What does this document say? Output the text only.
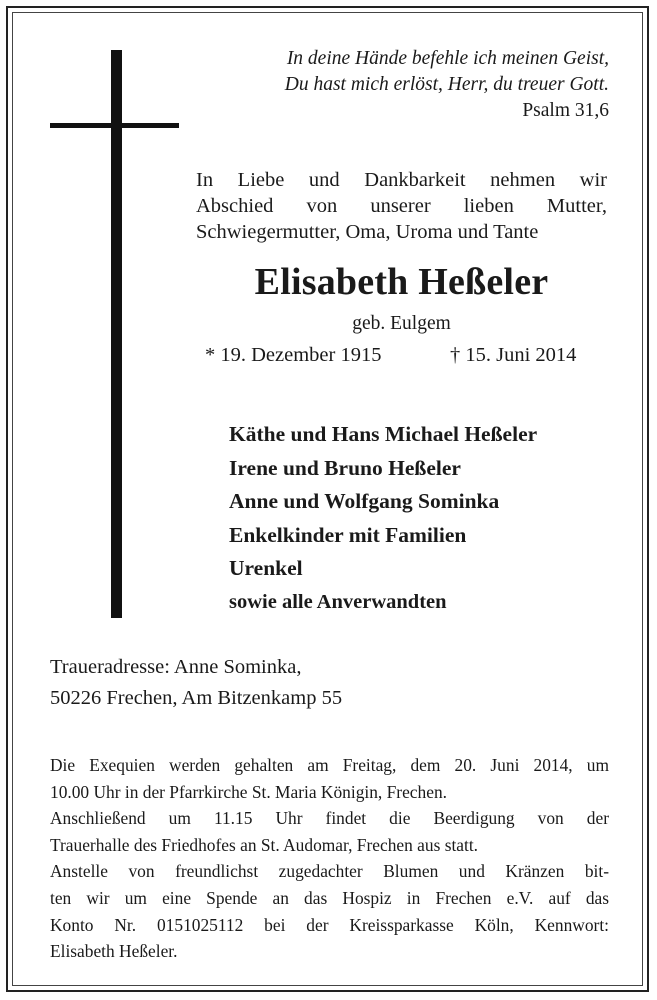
In deine Hände befehle ich meinen Geist,
Du hast mich erlöst, Herr, du treuer Gott.
Psalm 31,6
In Liebe und Dankbarkeit nehmen wir
Abschied von unserer lieben Mutter,
Schwiegermutter, Oma, Uroma und Tante
Elisabeth Heßeler
geb. Eulgem
* 19. Dezember 1915	† 15. Juni 2014
Käthe und Hans Michael Heßeler
Irene und Bruno Heßeler
Anne und Wolfgang Sominka
Enkelkinder mit Familien
Urenkel
sowie alle Anverwandten
Traueradresse: Anne Sominka,
50226 Frechen, Am Bitzenkamp 55
Die Exequien werden gehalten am Freitag, dem 20. Juni 2014, um
10.00 Uhr in der Pfarrkirche St. Maria Königin, Frechen.
Anschließend um 11.15 Uhr findet die Beerdigung von der
Trauerhalle des Friedhofes an St. Audomar, Frechen aus statt.
Anstelle von freundlichst zugedachter Blumen und Kränzen bit-
ten wir um eine Spende an das Hospiz in Frechen e.V. auf das
Konto Nr. 0151025112 bei der Kreissparkasse Köln, Kennwort:
Elisabeth Heßeler.
